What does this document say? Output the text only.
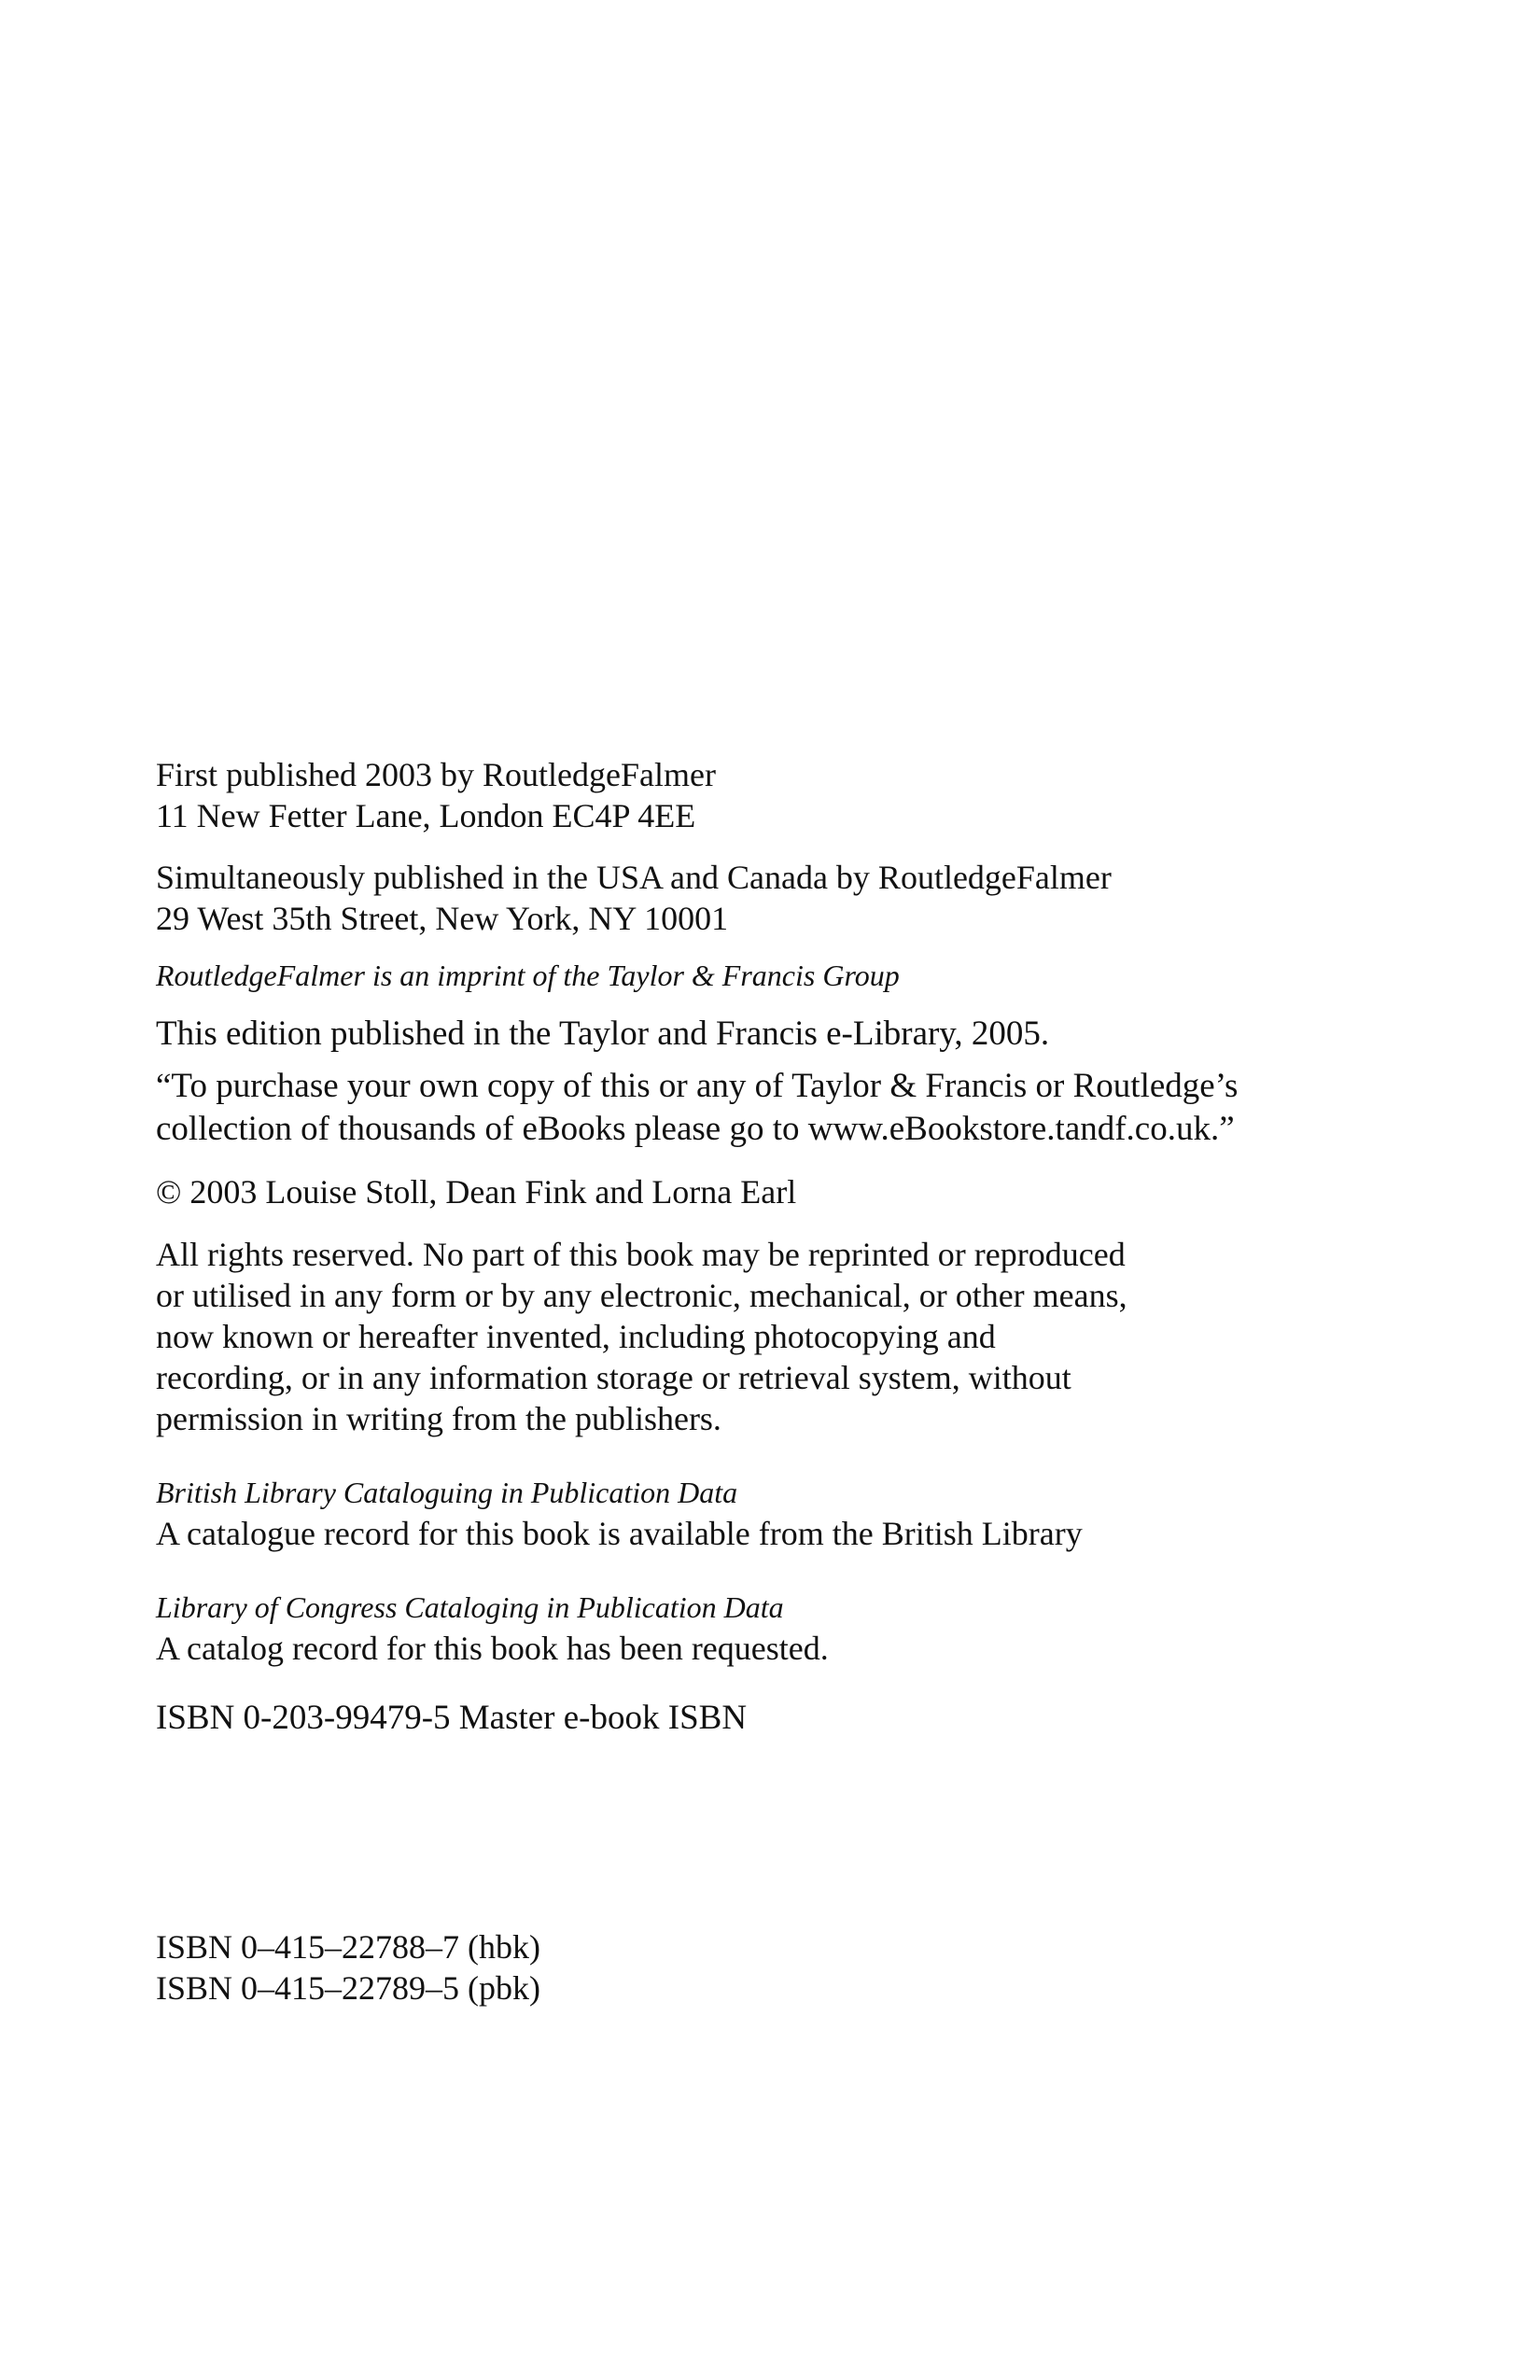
First published 2003 by RoutledgeFalmer
11 New Fetter Lane, London EC4P 4EE
Simultaneously published in the USA and Canada by RoutledgeFalmer
29 West 35th Street, New York, NY 10001
RoutledgeFalmer is an imprint of the Taylor & Francis Group
This edition published in the Taylor and Francis e-Library, 2005.
“To purchase your own copy of this or any of Taylor & Francis or Routledge’s
collection of thousands of eBooks please go to www.eBookstore.tandf.co.uk.”
© 2003 Louise Stoll, Dean Fink and Lorna Earl
All rights reserved. No part of this book may be reprinted or reproduced
or utilised in any form or by any electronic, mechanical, or other means,
now known or hereafter invented, including photocopying and
recording, or in any information storage or retrieval system, without
permission in writing from the publishers.
British Library Cataloguing in Publication Data
A catalogue record for this book is available from the British Library
Library of Congress Cataloging in Publication Data
A catalog record for this book has been requested.
ISBN 0-203-99479-5 Master e-book ISBN
ISBN 0–415–22788–7 (hbk)
ISBN 0–415–22789–5 (pbk)
